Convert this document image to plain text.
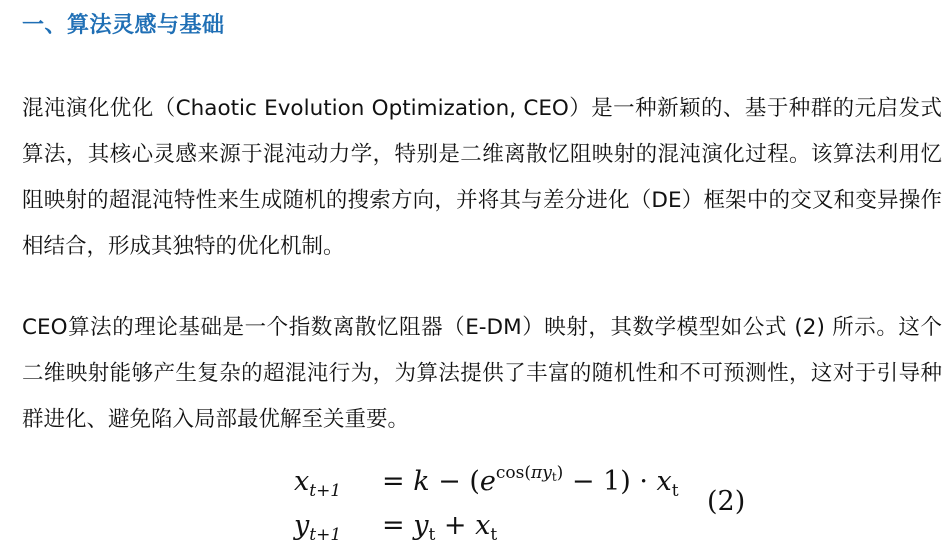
一、算法灵感与基础

混沌演化优化（Chaotic Evolution Optimization, CEO）是一种新颖的、基于种群的元启发式算法，其核心灵感来源于混沌动力学，特别是二维离散忆阻映射的混沌演化过程。该算法利用忆阻映射的超混沌特性来生成随机的搜索方向，并将其与差分进化（DE）框架中的交叉和变异操作相结合，形成其独特的优化机制。

CEO算法的理论基础是一个指数离散忆阻器（E-DM）映射，其数学模型如公式 (2) 所示。这个二维映射能够产生复杂的超混沌行为，为算法提供了丰富的随机性和不可预测性，这对于引导种群进化、避免陷入局部最优解至关重要。

$x_{t+1} = k - (e^{cos(\pi y_t)} - 1) \cdot x_t$
$y_{t+1} = y_t + x_t$
(2)
